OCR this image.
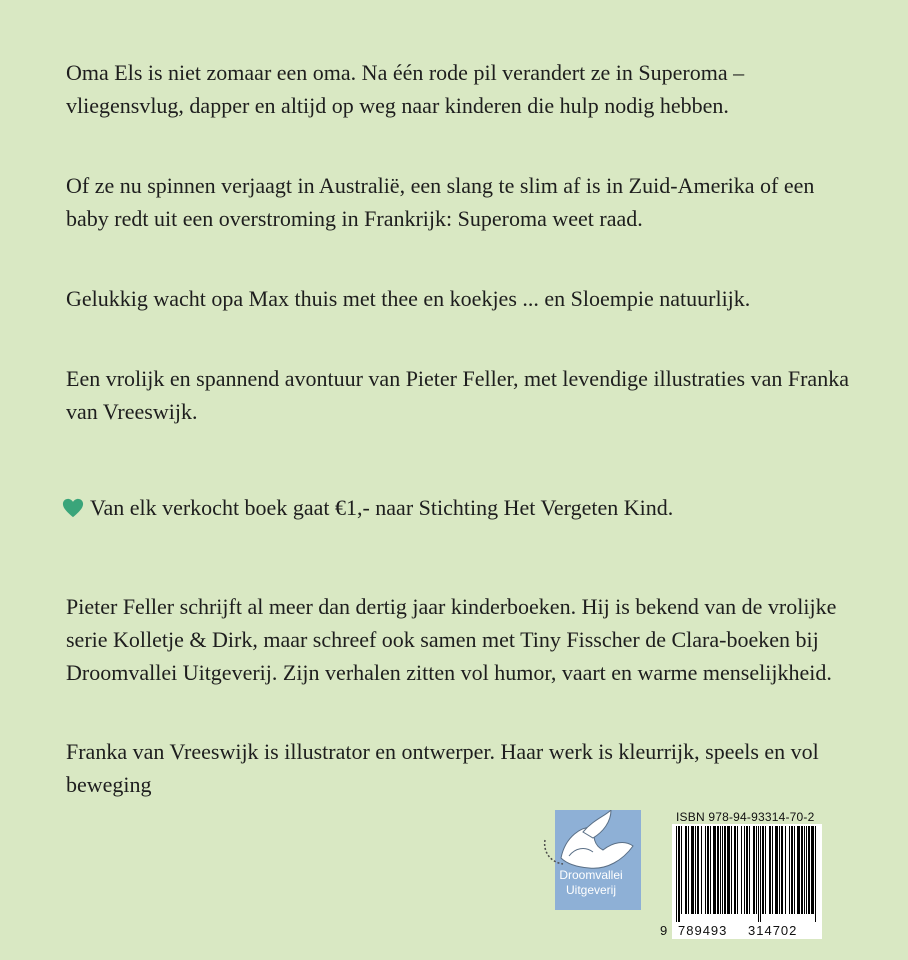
Oma Els is niet zomaar een oma. Na één rode pil verandert ze in Superoma – vliegensvlug, dapper en altijd op weg naar kinderen die hulp nodig hebben.

Of ze nu spinnen verjaagt in Australië, een slang te slim af is in Zuid-Amerika of een baby redt uit een overstroming in Frankrijk: Superoma weet raad.

Gelukkig wacht opa Max thuis met thee en koekjes ... en Sloempie natuurlijk.

Een vrolijk en spannend avontuur van Pieter Feller, met levendige illustraties van Franka van Vreeswijk.

Van elk verkocht boek gaat €1,- naar Stichting Het Vergeten Kind.

Pieter Feller schrijft al meer dan dertig jaar kinderboeken. Hij is bekend van de vrolijke serie Kolletje & Dirk, maar schreef ook samen met Tiny Fisscher de Clara-boeken bij Droomvallei Uitgeverij. Zijn verhalen zitten vol humor, vaart en warme menselijkheid.

Franka van Vreeswijk is illustrator en ontwerper. Haar werk is kleurrijk, speels en vol beweging

Droomvallei
Uitgeverij
ISBN 978-94-93314-70-2
9 789493 314702
